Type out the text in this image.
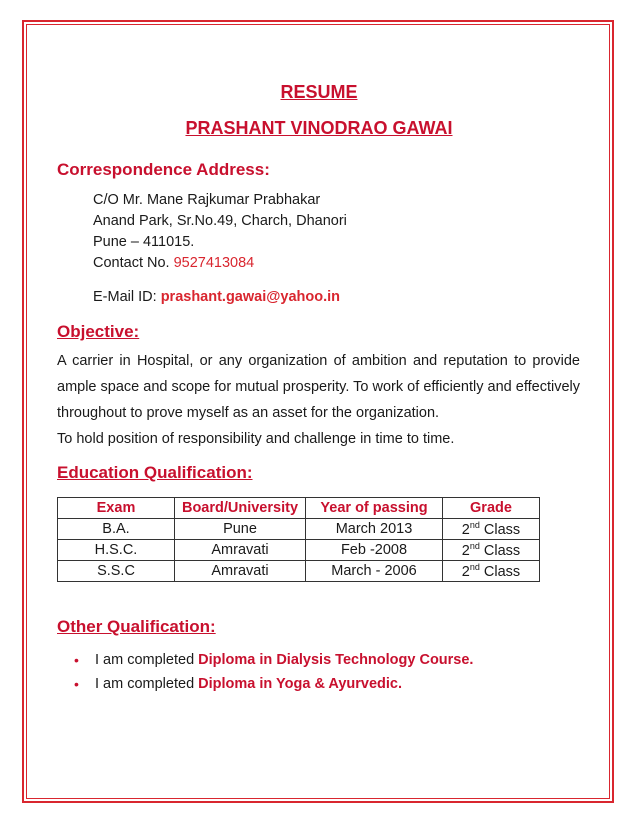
RESUME
PRASHANT VINODRAO GAWAI
Correspondence Address:
C/O Mr. Mane Rajkumar Prabhakar
Anand Park, Sr.No.49, Charch, Dhanori
Pune – 411015.
Contact No. 9527413084
E-Mail ID: prashant.gawai@yahoo.in
Objective:
A carrier in Hospital, or any organization of ambition and reputation to provide ample space and scope for mutual prosperity. To work of efficiently and effectively throughout to prove myself as an asset for the organization.
To hold position of responsibility and challenge in time to time.
Education Qualification:
Exam	Board/University	Year of passing	Grade
B.A.	Pune	March 2013	2nd Class
H.S.C.	Amravati	Feb -2008	2nd Class
S.S.C	Amravati	March - 2006	2nd Class
Other Qualification:
• I am completed Diploma in Dialysis Technology Course.
• I am completed Diploma in Yoga & Ayurvedic.
